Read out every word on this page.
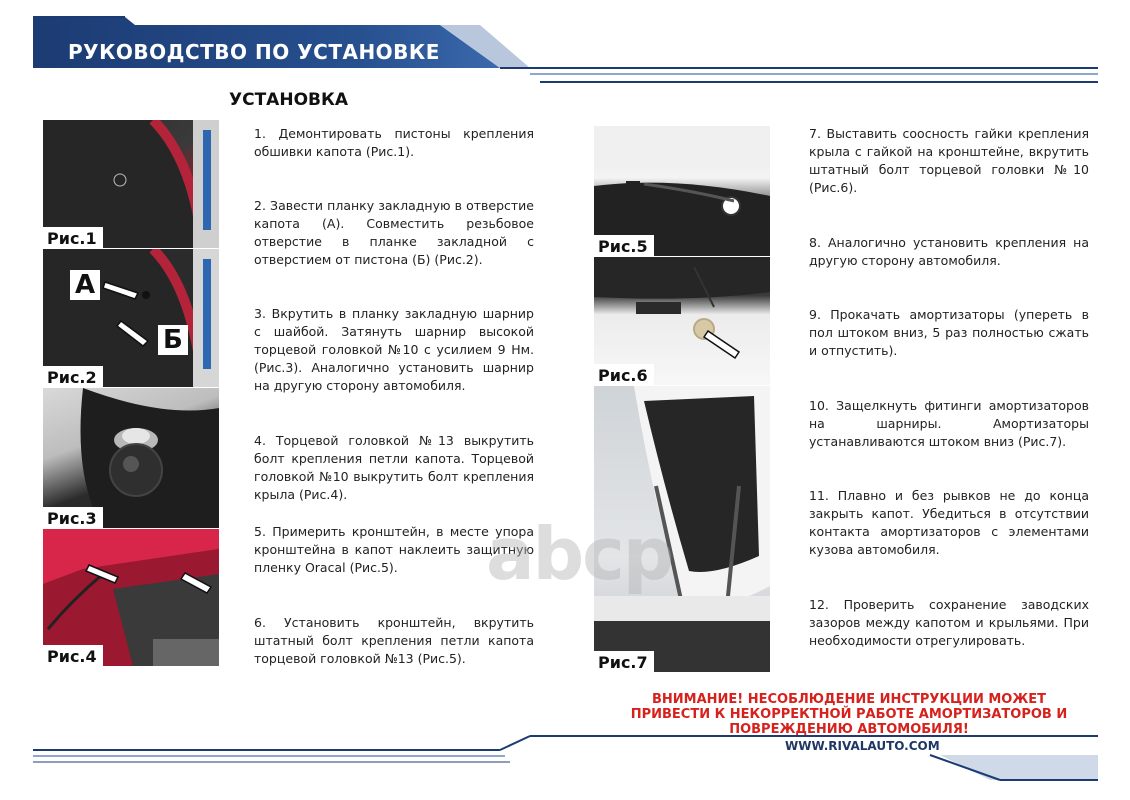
РУКОВОДСТВО ПО УСТАНОВКЕ
УСТАНОВКА
Рис.1
А
Б
Рис.2
Рис.3
Рис.4
Рис.5
Рис.6
Рис.7
1. Демонтировать пистоны крепления обшивки капота (Рис.1).
2. Завести планку закладную в отверстие капота (А). Совместить резьбовое отверстие в планке закладной с отверстием от пистона (Б) (Рис.2).
3. Вкрутить в планку закладную шарнир с шайбой. Затянуть шарнир высокой торцевой головкой №10 с усилием 9 Нм. (Рис.3). Аналогично установить шарнир на другую сторону автомобиля.
4. Торцевой головкой №13 выкрутить болт крепления петли капота. Торцевой головкой №10 выкрутить болт крепления крыла (Рис.4).
5. Примерить кронштейн, в месте упора кронштейна в капот наклеить защитную пленку Oracal (Рис.5).
6. Установить кронштейн, вкрутить штатный болт крепления петли капота торцевой головкой №13 (Рис.5).
7. Выставить соосность гайки крепления крыла с гайкой на кронштейне, вкрутить штатный болт торцевой головки №10 (Рис.6).
8. Аналогично установить крепления на другую сторону автомобиля.
9. Прокачать амортизаторы (упереть в пол штоком вниз, 5 раз полностью сжать и отпустить).
10. Защелкнуть фитинги амортизаторов на шарниры. Амортизаторы устанавливаются штоком вниз (Рис.7).
11. Плавно и без рывков не до конца закрыть капот. Убедиться в отсутствии контакта амортизаторов с элементами кузова автомобиля.
12. Проверить сохранение заводских зазоров между капотом и крыльями. При необходимости отрегулировать.
abcp
ВНИМАНИЕ! НЕСОБЛЮДЕНИЕ ИНСТРУКЦИИ МОЖЕТ ПРИВЕСТИ К НЕКОРРЕКТНОЙ РАБОТЕ АМОРТИЗАТОРОВ И ПОВРЕЖДЕНИЮ АВТОМОБИЛЯ!
WWW.RIVALAUTO.COM
